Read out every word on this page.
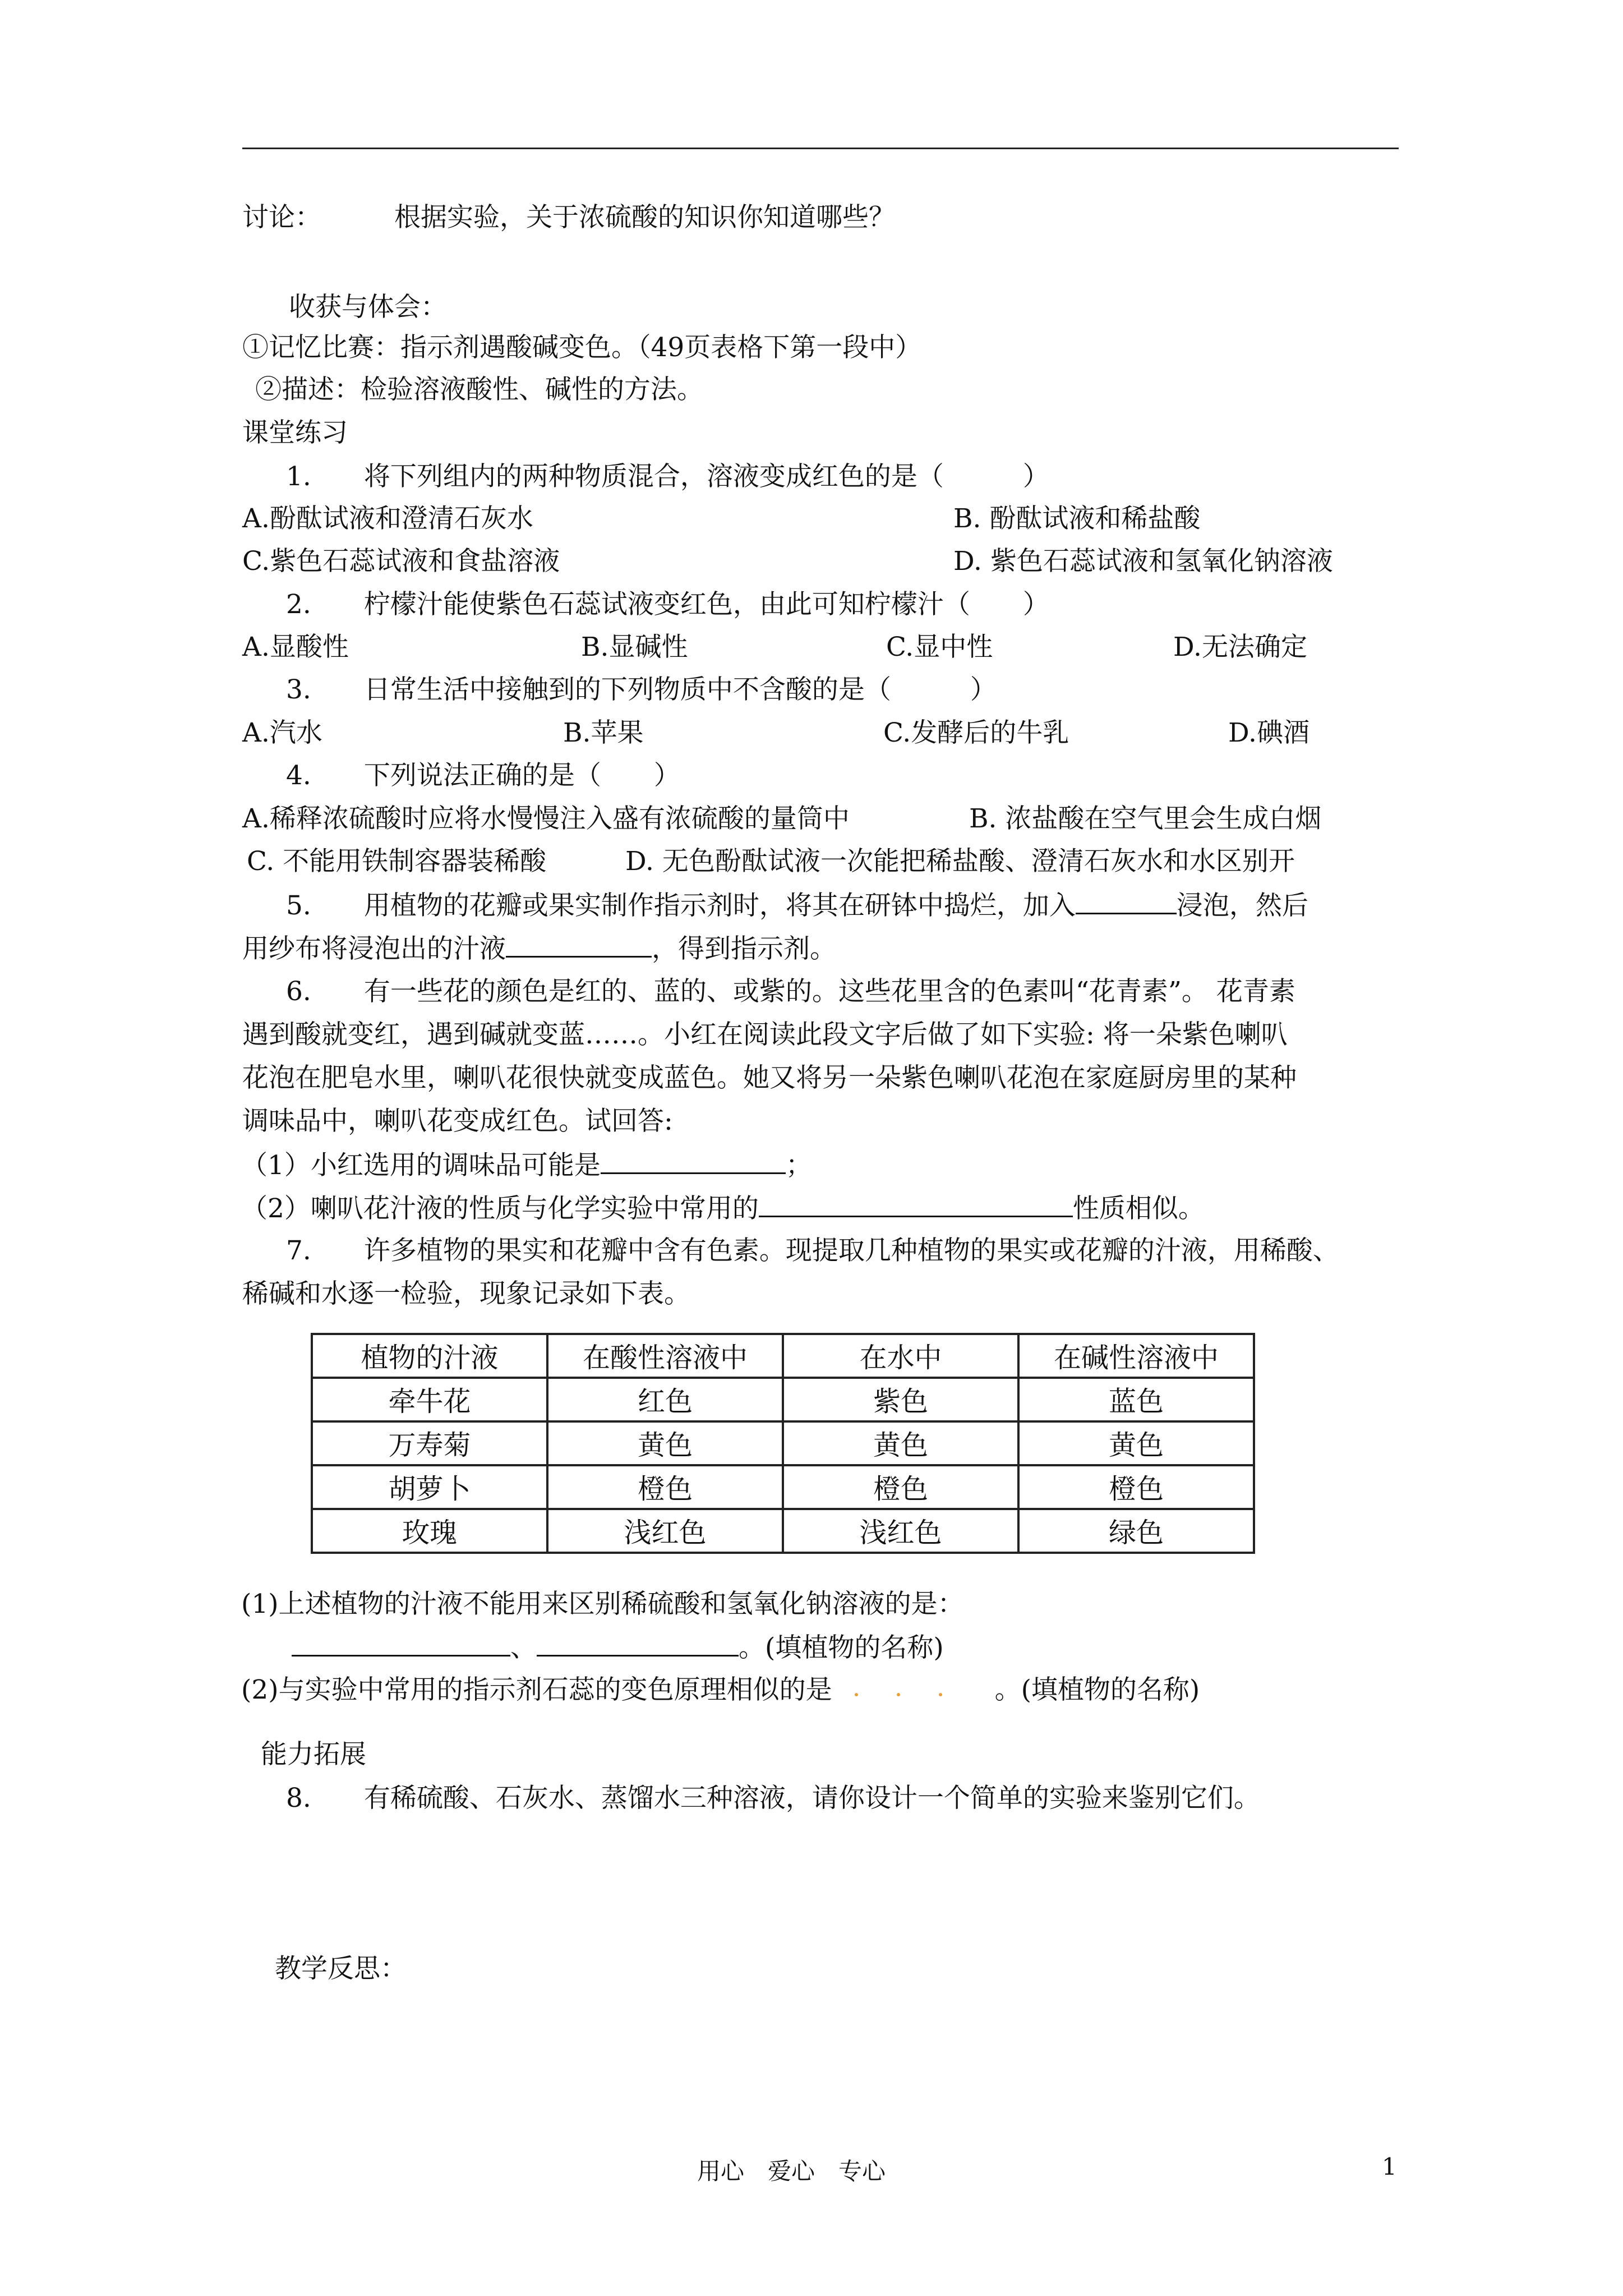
讨论：	根据实验，关于浓硫酸的知识你知道哪些？
收获与体会：
①记忆比赛：指示剂遇酸碱变色。（49页表格下第一段中）
②描述：检验溶液酸性、碱性的方法。
课堂练习
1.　　将下列组内的两种物质混合，溶液变成红色的是（　　　）
A.酚酞试液和澄清石灰水	B. 酚酞试液和稀盐酸
C.紫色石蕊试液和食盐溶液	D. 紫色石蕊试液和氢氧化钠溶液
2.　　柠檬汁能使紫色石蕊试液变红色，由此可知柠檬汁（　　）
A.显酸性	B.显碱性	C.显中性	D.无法确定
3.　　日常生活中接触到的下列物质中不含酸的是（　　　）
A.汽水	B.苹果	C.发酵后的牛乳	D.碘酒
4.　　下列说法正确的是（　　）
A.稀释浓硫酸时应将水慢慢注入盛有浓硫酸的量筒中	B. 浓盐酸在空气里会生成白烟
C. 不能用铁制容器装稀酸	D. 无色酚酞试液一次能把稀盐酸、澄清石灰水和水区别开
5.　　用植物的花瓣或果实制作指示剂时，将其在研钵中捣烂，加入	浸泡，然后
用纱布将浸泡出的汁液	，得到指示剂。
6.　　有一些花的颜色是红的、蓝的、或紫的。这些花里含的色素叫“花青素”。 花青素
遇到酸就变红，遇到碱就变蓝……。小红在阅读此段文字后做了如下实验: 将一朵紫色喇叭
花泡在肥皂水里，喇叭花很快就变成蓝色。她又将另一朵紫色喇叭花泡在家庭厨房里的某种
调味品中，喇叭花变成红色。试回答:
（1）小红选用的调味品可能是	；
（2）喇叭花汁液的性质与化学实验中常用的	性质相似。
7.　　许多植物的果实和花瓣中含有色素。现提取几种植物的果实或花瓣的汁液，用稀酸、
稀碱和水逐一检验，现象记录如下表。
植物的汁液	在酸性溶液中	在水中	在碱性溶液中
牵牛花	红色	紫色	蓝色
万寿菊	黄色	黄色	黄色
胡萝卜	橙色	橙色	橙色
玫瑰	浅红色	浅红色	绿色
(1)上述植物的汁液不能用来区别稀硫酸和氢氧化钠溶液的是：
、	。(填植物的名称)
(2)与实验中常用的指示剂石蕊的变色原理相似的是	。(填植物的名称)
能力拓展
8.　　有稀硫酸、石灰水、蒸馏水三种溶液，请你设计一个简单的实验来鉴别它们。
教学反思：
用心　爱心　专心	1
